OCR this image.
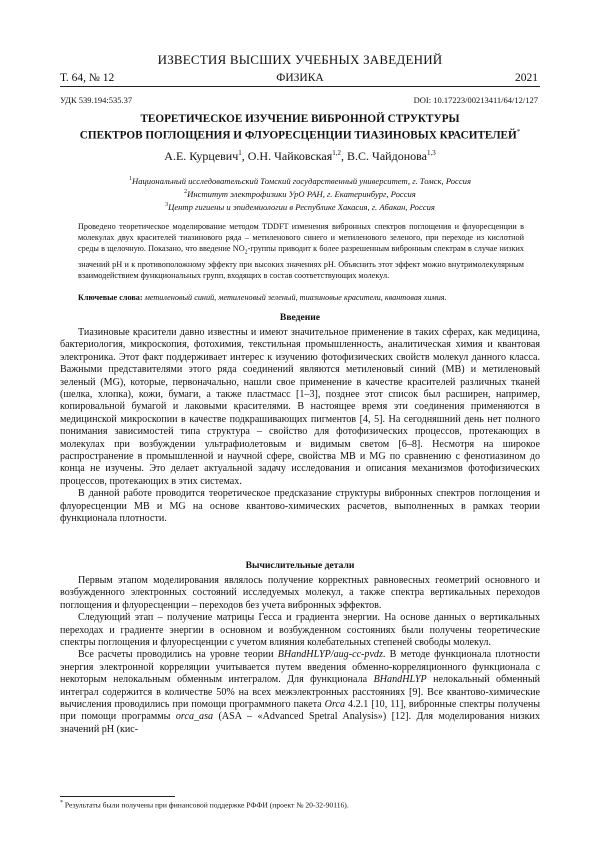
ИЗВЕСТИЯ ВЫСШИХ УЧЕБНЫХ ЗАВЕДЕНИЙ
Т. 64, № 12	ФИЗИКА	2021
УДК 539.194:535.37	DOI: 10.17223/00213411/64/12/127
ТЕОРЕТИЧЕСКОЕ ИЗУЧЕНИЕ ВИБРОННОЙ СТРУКТУРЫ
СПЕКТРОВ ПОГЛОЩЕНИЯ И ФЛУОРЕСЦЕНЦИИ ТИАЗИНОВЫХ КРАСИТЕЛЕЙ*
А.Е. Курцевич$^1$, О.Н. Чайковская$^{1,2}$, В.С. Чайдонова$^{1,3}$
$^1$Национальный исследовательский Томский государственный университет, г. Томск, Россия
$^2$Институт электрофизики УрО РАН, г. Екатеринбург, Россия
$^3$Центр гигиены и эпидемиологии в Республике Хакасия, г. Абакан, Россия
Проведено теоретическое моделирование методом TDDFT изменения вибронных спектров поглощения и флуоресценции в молекулах двух красителей тиазинового ряда – метиленового синего и метиленового зеленого, при переходе из кислотной среды в щелочную. Показано, что введение $NO_2$-группы приводит к более разрешенным вибронным спектрам в случае низких значений pH и к противоположному эффекту при высоких значениях pH. Объяснить этот эффект можно внутримолекулярным взаимодействием функциональных групп, входящих в состав соответствующих молекул.
Ключевые слова: метиленовый синий, метиленовый зеленый, тиазиновые красители, квантовая химия.
Введение

Тиазиновые красители давно известны и имеют значительное применение в таких сферах, как медицина, бактериология, микроскопия, фотохимия, текстильная промышленность, аналитическая химия и квантовая электроника. Этот факт поддерживает интерес к изучению фотофизических свойств молекул данного класса. Важными представителями этого ряда соединений являются метиленовый синий (MB) и метиленовый зеленый (MG), которые, первоначально, нашли свое применение в качестве красителей различных тканей (шелка, хлопка), кожи, бумаги, а также пластмасс [1–3], позднее этот список был расширен, например, копировальной бумагой и лаковыми красителями. В настоящее время эти соединения применяются в медицинской микроскопии в качестве подкрашивающих пигментов [4, 5]. На сегодняшний день нет полного понимания зависимостей типа структура – свойство для фотофизических процессов, протекающих в молекулах при возбуждении ультрафиолетовым и видимым светом [6–8]. Несмотря на широкое распространение в промышленной и научной сфере, свойства MB и MG по сравнению с фенотиазином до конца не изучены. Это делает актуальной задачу исследования и описания механизмов фотофизических процессов, протекающих в этих системах.

В данной работе проводится теоретическое предсказание структуры вибронных спектров поглощения и флуоресценции MB и MG на основе квантово-химических расчетов, выполненных в рамках теории функционала плотности.

Вычислительные детали

Первым этапом моделирования являлось получение корректных равновесных геометрий основного и возбужденного электронных состояний исследуемых молекул, а также спектра вертикальных переходов поглощения и флуоресценции – переходов без учета вибронных эффектов.

Следующий этап – получение матрицы Гесса и градиента энергии. На основе данных о вертикальных переходах и градиенте энергии в основном и возбужденном состояниях были получены теоретические спектры поглощения и флуоресценции с учетом влияния колебательных степеней свободы молекул.

Все расчеты проводились на уровне теории BHandHLYP/aug-cc-pvdz. В методе функционала плотности энергия электронной корреляции учитывается путем введения обменно-корреляционного функционала с некоторым нелокальным обменным интегралом. Для функционала BHandHLYP нелокальный обменный интеграл содержится в количестве 50% на всех межэлектронных расстояниях [9]. Все квантово-химические вычисления проводились при помощи программного пакета Orca 4.2.1 [10, 11], вибронные спектры получены при помощи программы orca_asa (ASA – «Advanced Spetral Analysis») [12]. Для моделирования низких значений pH (кис-

* Результаты были получены при финансовой поддержке РФФИ (проект № 20-32-90116).
